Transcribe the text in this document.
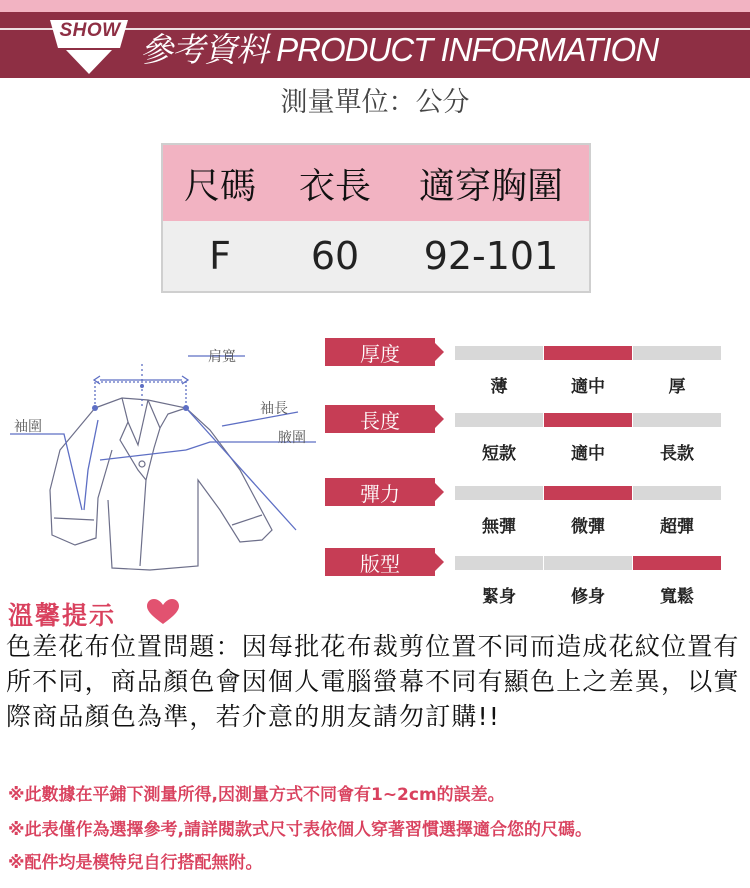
SHOW
參考資料 PRODUCT INFORMATION
測量單位：公分
尺碼	衣長	適穿胸圍
F	60	92-101
肩寬
袖長
腋圍
袖圍
厚度
薄	適中	厚
長度
短款	適中	長款
彈力
無彈	微彈	超彈
版型
緊身	修身	寬鬆
溫馨提示
色差花布位置問題：因每批花布裁剪位置不同而造成花紋位置有所不同，商品顏色會因個人電腦螢幕不同有顯色上之差異，以實際商品顏色為準，若介意的朋友請勿訂購!!
※此數據在平鋪下測量所得,因測量方式不同會有1~2cm的誤差。
※此表僅作為選擇參考,請詳閱款式尺寸表依個人穿著習慣選擇適合您的尺碼。
※配件均是模特兒自行搭配無附。
